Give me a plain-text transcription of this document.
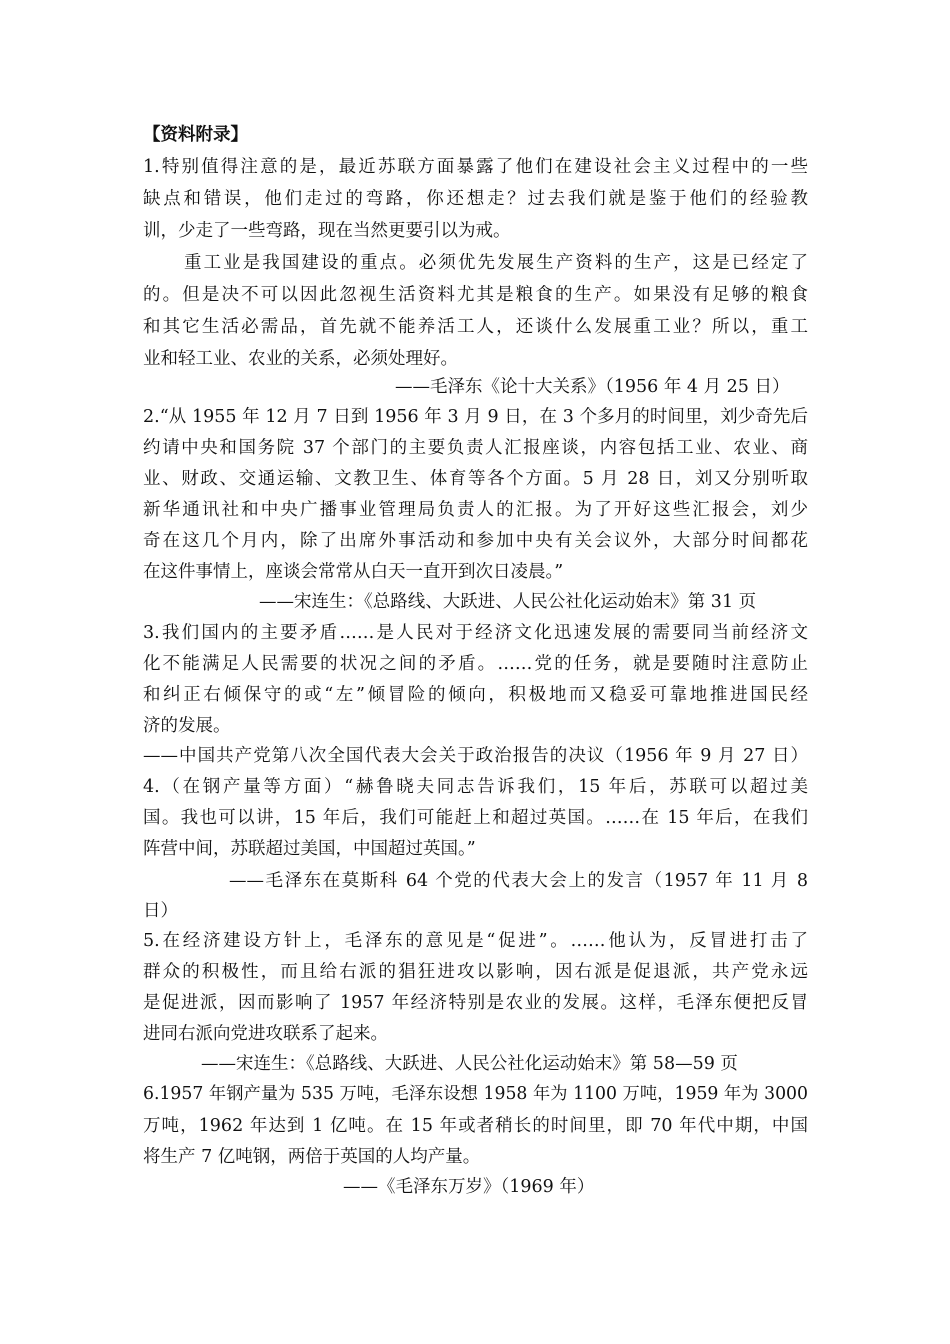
【资料附录】
1.特别值得注意的是，最近苏联方面暴露了他们在建设社会主义过程中的一些
缺点和错误，他们走过的弯路，你还想走？过去我们就是鉴于他们的经验教
训，少走了一些弯路，现在当然更要引以为戒。
重工业是我国建设的重点。必须优先发展生产资料的生产，这是已经定了
的。但是决不可以因此忽视生活资料尤其是粮食的生产。如果没有足够的粮食
和其它生活必需品，首先就不能养活工人，还谈什么发展重工业？所以，重工
业和轻工业、农业的关系，必须处理好。
——毛泽东《论十大关系》（1956 年 4 月 25 日）
2.“从 1955 年 12 月 7 日到 1956 年 3 月 9 日，在 3 个多月的时间里，刘少奇先后
约请中央和国务院 37 个部门的主要负责人汇报座谈，内容包括工业、农业、商
业、财政、交通运输、文教卫生、体育等各个方面。5 月 28 日，刘又分别听取
新华通讯社和中央广播事业管理局负责人的汇报。为了开好这些汇报会，刘少
奇在这几个月内，除了出席外事活动和参加中央有关会议外，大部分时间都花
在这件事情上，座谈会常常从白天一直开到次日凌晨。”
——宋连生：《总路线、大跃进、人民公社化运动始末》第 31 页
3.我们国内的主要矛盾……是人民对于经济文化迅速发展的需要同当前经济文
化不能满足人民需要的状况之间的矛盾。……党的任务，就是要随时注意防止
和纠正右倾保守的或“左”倾冒险的倾向，积极地而又稳妥可靠地推进国民经
济的发展。
——中国共产党第八次全国代表大会关于政治报告的决议（1956 年 9 月 27 日）
4.（在钢产量等方面）“赫鲁晓夫同志告诉我们，15 年后，苏联可以超过美
国。我也可以讲，15 年后，我们可能赶上和超过英国。……在 15 年后，在我们
阵营中间，苏联超过美国，中国超过英国。”
——毛泽东在莫斯科 64 个党的代表大会上的发言（1957 年 11 月 8
日）
5.在经济建设方针上，毛泽东的意见是“促进”。……他认为，反冒进打击了
群众的积极性，而且给右派的猖狂进攻以影响，因右派是促退派，共产党永远
是促进派，因而影响了 1957 年经济特别是农业的发展。这样，毛泽东便把反冒
进同右派向党进攻联系了起来。
——宋连生：《总路线、大跃进、人民公社化运动始末》第 58—59 页
6.1957 年钢产量为 535 万吨，毛泽东设想 1958 年为 1100 万吨，1959 年为 3000
万吨，1962 年达到 1 亿吨。在 15 年或者稍长的时间里，即 70 年代中期，中国
将生产 7 亿吨钢，两倍于英国的人均产量。
——《毛泽东万岁》（1969 年）
